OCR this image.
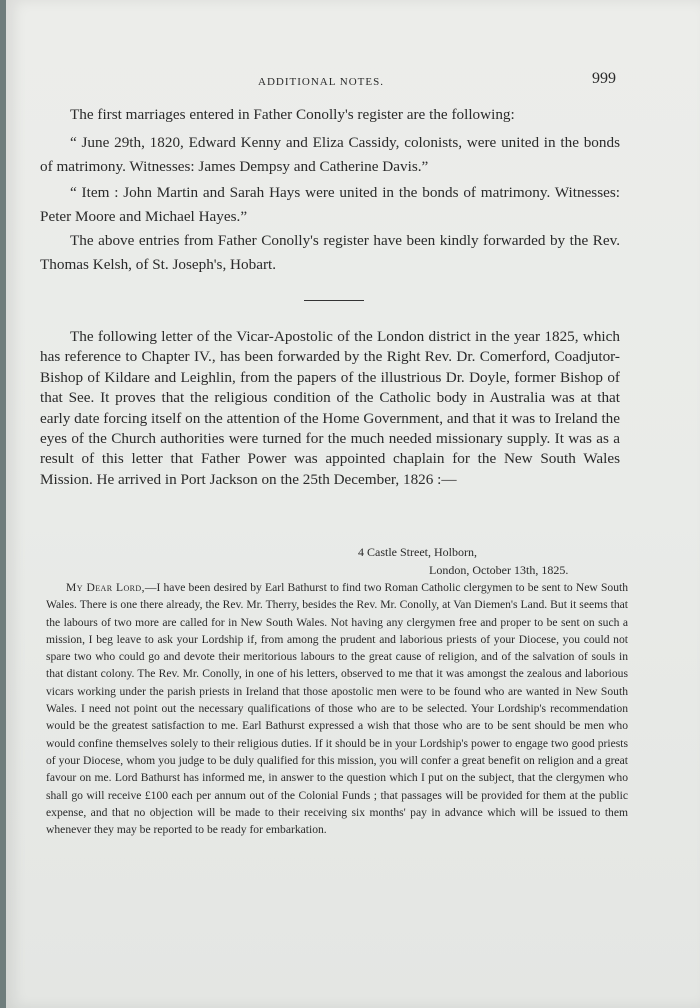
ADDITIONAL NOTES.	999

The first marriages entered in Father Conolly's register are the following:

“ June 29th, 1820, Edward Kenny and Eliza Cassidy, colonists, were united in the bonds of matrimony. Witnesses: James Dempsy and Catherine Davis.”

“ Item : John Martin and Sarah Hays were united in the bonds of matrimony. Witnesses: Peter Moore and Michael Hayes.”

The above entries from Father Conolly's register have been kindly forwarded by the Rev. Thomas Kelsh, of St. Joseph's, Hobart.

The following letter of the Vicar-Apostolic of the London district in the year 1825, which has reference to Chapter IV., has been forwarded by the Right Rev. Dr. Comerford, Coadjutor-Bishop of Kildare and Leighlin, from the papers of the illustrious Dr. Doyle, former Bishop of that See. It proves that the religious condition of the Catholic body in Australia was at that early date forcing itself on the attention of the Home Government, and that it was to Ireland the eyes of the Church authorities were turned for the much needed missionary supply. It was as a result of this letter that Father Power was appointed chaplain for the New South Wales Mission. He arrived in Port Jackson on the 25th December, 1826 :—

4 Castle Street, Holborn,
London, October 13th, 1825.

My Dear Lord,—I have been desired by Earl Bathurst to find two Roman Catholic clergymen to be sent to New South Wales. There is one there already, the Rev. Mr. Therry, besides the Rev. Mr. Conolly, at Van Diemen's Land. But it seems that the labours of two more are called for in New South Wales. Not having any clergymen free and proper to be sent on such a mission, I beg leave to ask your Lordship if, from among the prudent and laborious priests of your Diocese, you could not spare two who could go and devote their meritorious labours to the great cause of religion, and of the salvation of souls in that distant colony. The Rev. Mr. Conolly, in one of his letters, observed to me that it was amongst the zealous and laborious vicars working under the parish priests in Ireland that those apostolic men were to be found who are wanted in New South Wales. I need not point out the necessary qualifications of those who are to be selected. Your Lordship's recommendation would be the greatest satisfaction to me. Earl Bathurst expressed a wish that those who are to be sent should be men who would confine themselves solely to their religious duties. If it should be in your Lordship's power to engage two good priests of your Diocese, whom you judge to be duly qualified for this mission, you will confer a great benefit on religion and a great favour on me. Lord Bathurst has informed me, in answer to the question which I put on the subject, that the clergymen who shall go will receive £100 each per annum out of the Colonial Funds ; that passages will be provided for them at the public expense, and that no objection will be made to their receiving six months' pay in advance which will be issued to them whenever they may be reported to be ready for embarkation.
